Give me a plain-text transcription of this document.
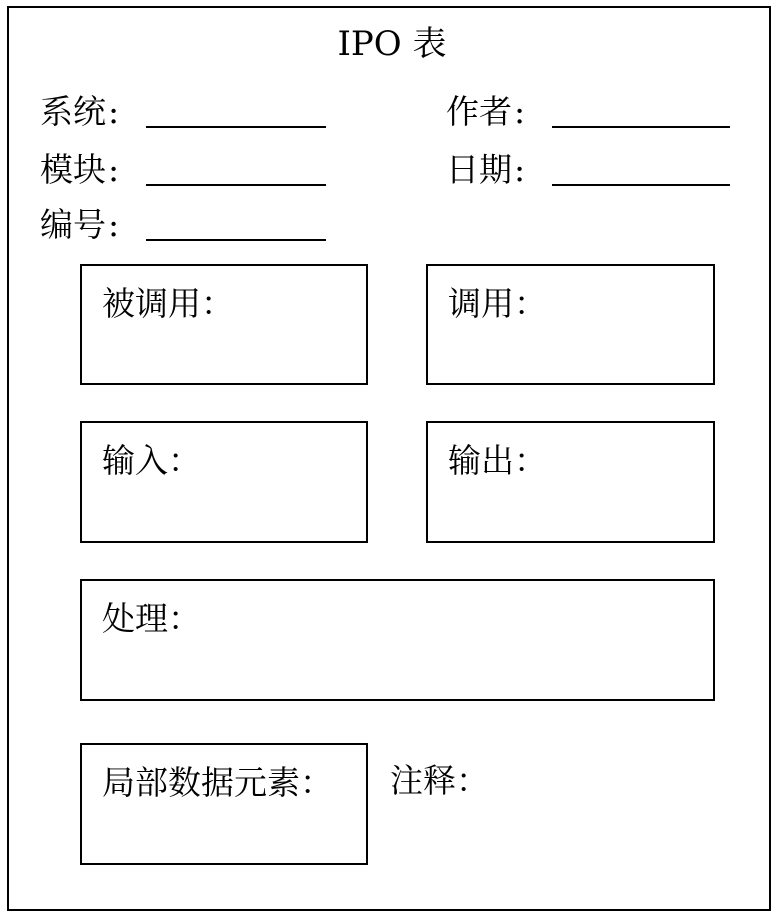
IPO 表
系统:	作者:
模块:	日期:
编号:
被调用：	调用：
输入：	输出：
处理：
局部数据元素： 注释：
